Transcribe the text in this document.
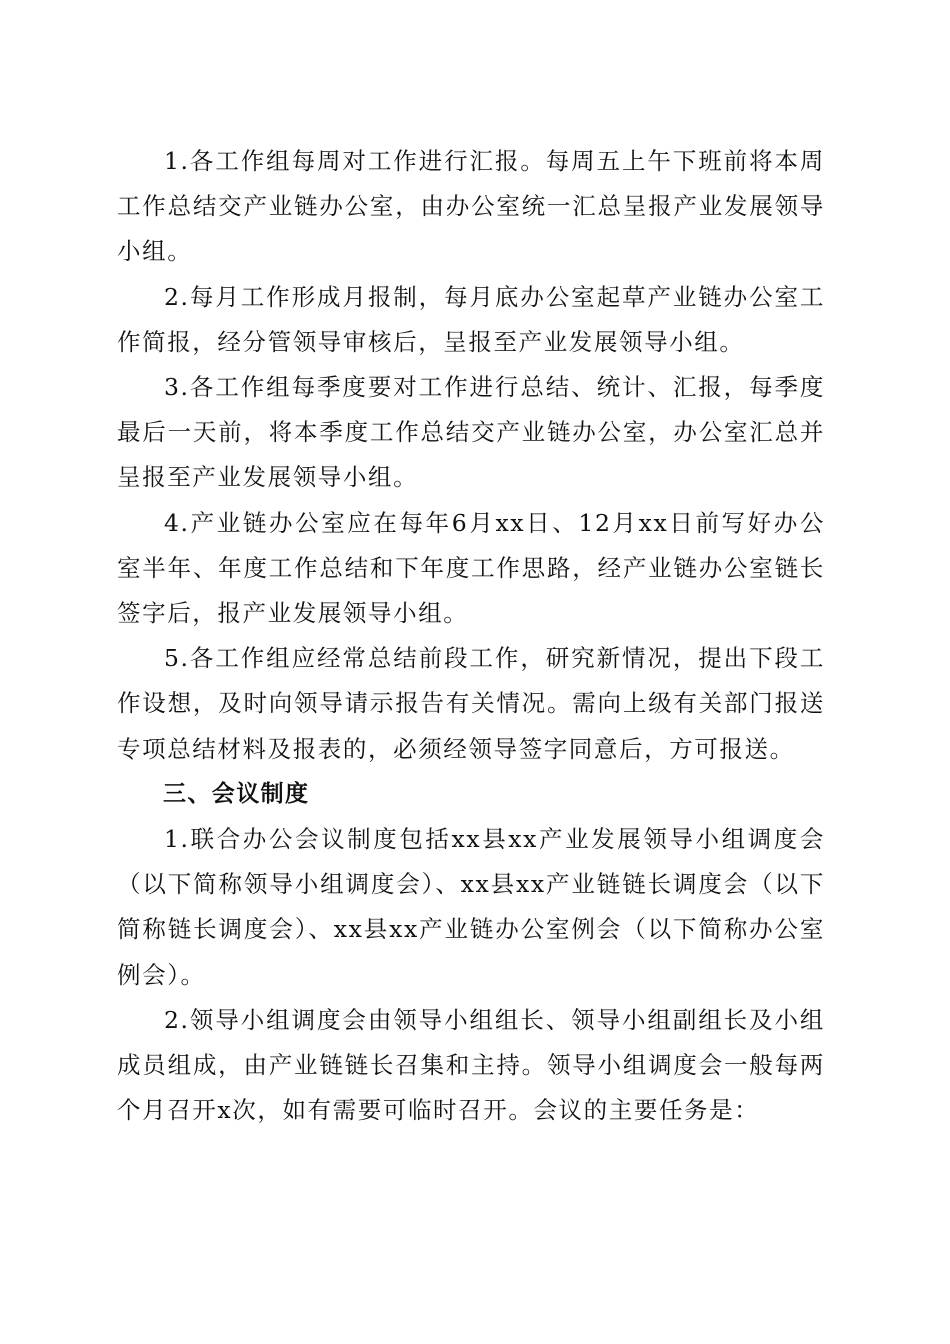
1.各工作组每周对工作进行汇报。每周五上午下班前将本周工作总结交产业链办公室，由办公室统一汇总呈报产业发展领导小组。

2.每月工作形成月报制，每月底办公室起草产业链办公室工作简报，经分管领导审核后，呈报至产业发展领导小组。

3.各工作组每季度要对工作进行总结、统计、汇报，每季度最后一天前，将本季度工作总结交产业链办公室，办公室汇总并呈报至产业发展领导小组。

4.产业链办公室应在每年6月xx日、12月xx日前写好办公室半年、年度工作总结和下年度工作思路，经产业链办公室链长签字后，报产业发展领导小组。

5.各工作组应经常总结前段工作，研究新情况，提出下段工作设想，及时向领导请示报告有关情况。需向上级有关部门报送专项总结材料及报表的，必须经领导签字同意后，方可报送。

三、会议制度

1.联合办公会议制度包括xx县xx产业发展领导小组调度会（以下简称领导小组调度会）、xx县xx产业链链长调度会（以下简称链长调度会）、xx县xx产业链办公室例会（以下简称办公室例会）。

2.领导小组调度会由领导小组组长、领导小组副组长及小组成员组成，由产业链链长召集和主持。领导小组调度会一般每两个月召开x次，如有需要可临时召开。会议的主要任务是：
